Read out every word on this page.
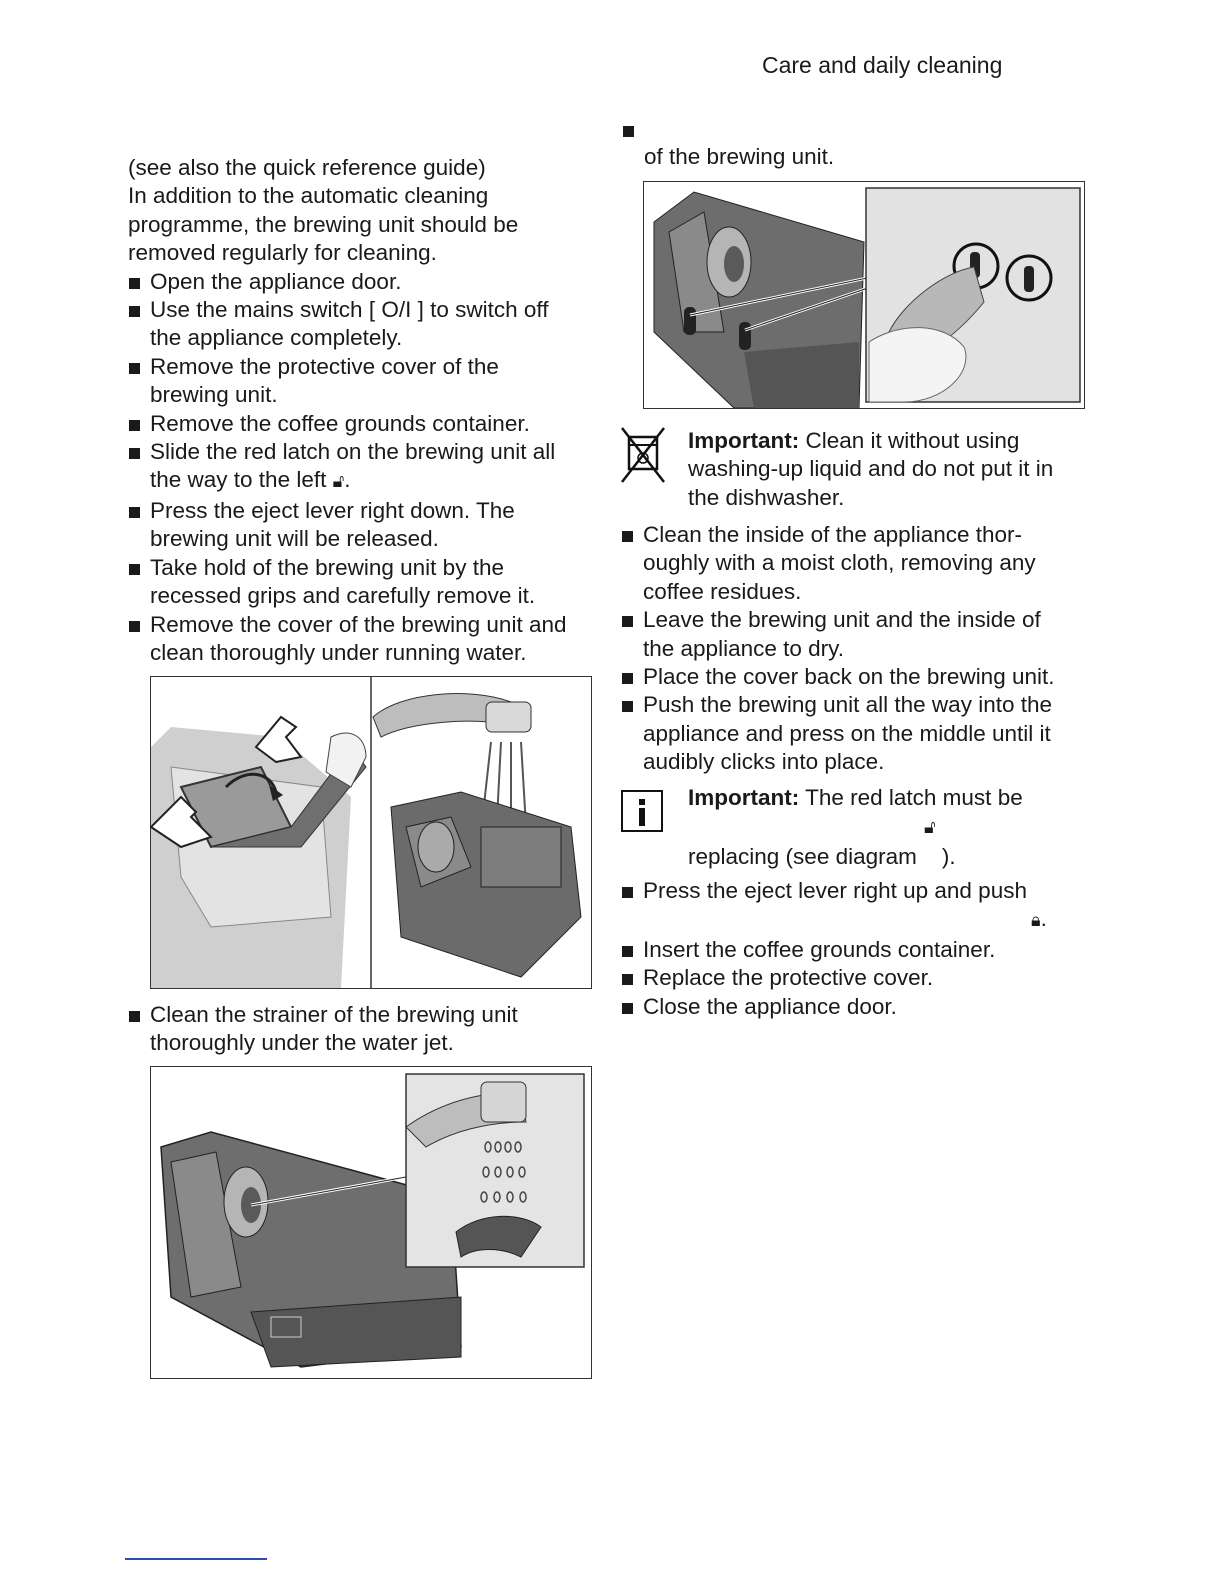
Care and daily cleaning

(see also the quick reference guide)

In addition to the automatic cleaning

programme, the brewing unit should be

removed regularly for cleaning.

Open the appliance door.
Use the mains switch [ O/I ] to switch off
the appliance completely.
Remove the protective cover of the
brewing unit.
Remove the coffee grounds container.
Slide the red latch on the brewing unit all
the way to the left 🔓︎.
Press the eject lever right down. The
brewing unit will be released.
Take hold of the brewing unit by the
recessed grips and carefully remove it.
Remove the cover of the brewing unit and
clean thoroughly under running water.
Clean the strainer of the brewing unit
thoroughly under the water jet.

of the brewing unit.

Important: Clean it without using
washing-up liquid and do not put it in
the dishwasher.
Clean the inside of the appliance thor-
oughly with a moist cloth, removing any
coffee residues.
Leave the brewing unit and the inside of
the appliance to dry.
Place the cover back on the brewing unit.
Push the brewing unit all the way into the
appliance and press on the middle until it
audibly clicks into place.
Important: The red latch must be
🔓︎
replacing (see diagram ).
Press the eject lever right up and push
🔒︎.
Insert the coffee grounds container.
Replace the protective cover.
Close the appliance door.
